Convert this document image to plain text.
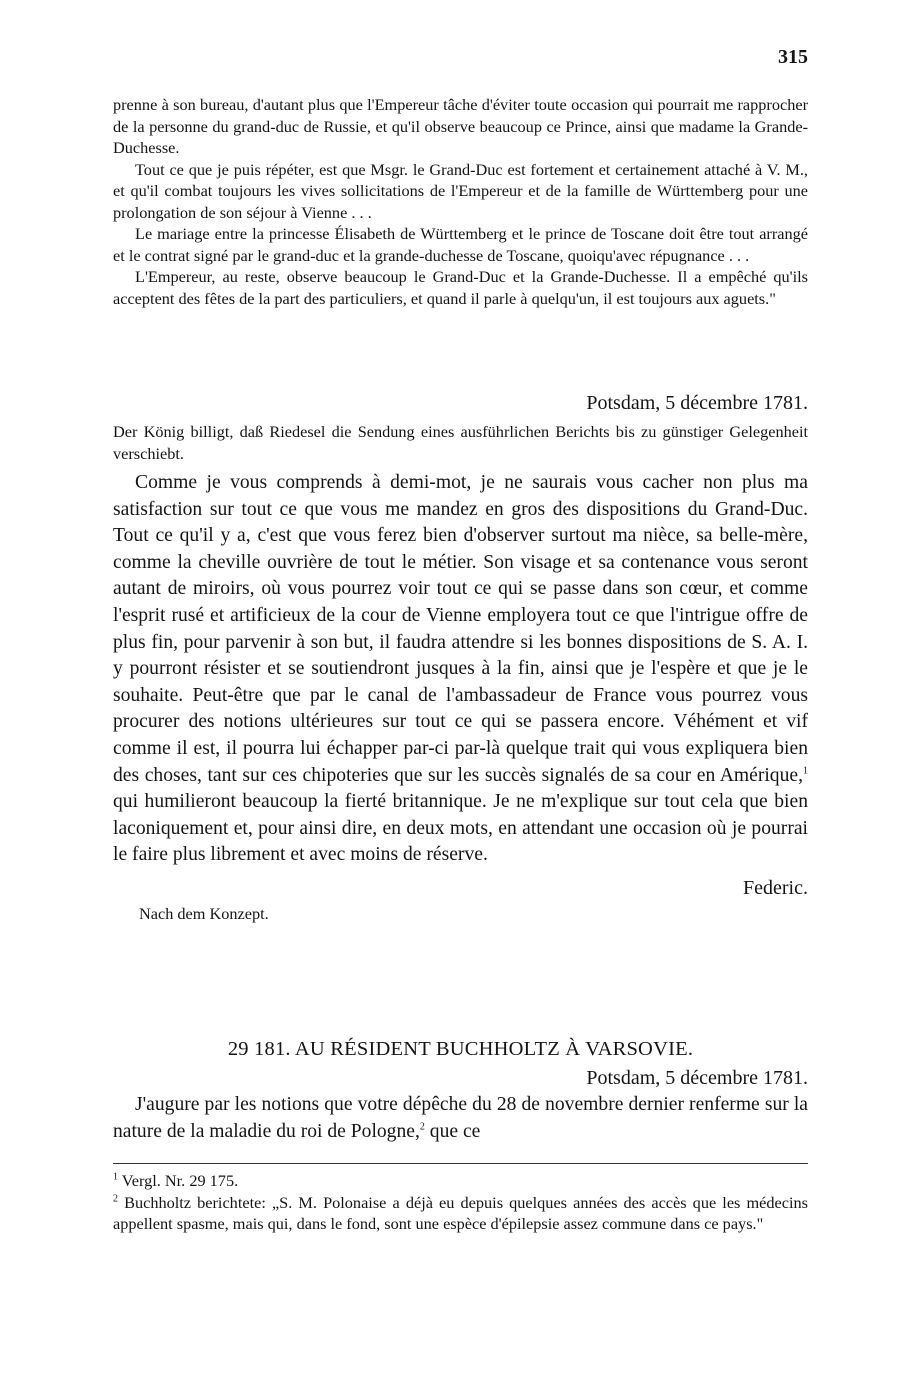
315

prenne à son bureau, d'autant plus que l'Empereur tâche d'éviter toute occasion qui pourrait me rapprocher de la personne du grand-duc de Russie, et qu'il observe beaucoup ce Prince, ainsi que madame la Grande-Duchesse.

Tout ce que je puis répéter, est que Msgr. le Grand-Duc est fortement et certainement attaché à V. M., et qu'il combat toujours les vives sollicitations de l'Empereur et de la famille de Württemberg pour une prolongation de son séjour à Vienne . . .

Le mariage entre la princesse Élisabeth de Württemberg et le prince de Toscane doit être tout arrangé et le contrat signé par le grand-duc et la grande-duchesse de Toscane, quoiqu'avec répugnance . . .

L'Empereur, au reste, observe beaucoup le Grand-Duc et la Grande-Duchesse. Il a empêché qu'ils acceptent des fêtes de la part des particuliers, et quand il parle à quelqu'un, il est toujours aux aguets."

Potsdam, 5 décembre 1781.

Der König billigt, daß Riedesel die Sendung eines ausführlichen Berichts bis zu günstiger Gelegenheit verschiebt.

Comme je vous comprends à demi-mot, je ne saurais vous cacher non plus ma satisfaction sur tout ce que vous me mandez en gros des dispositions du Grand-Duc. Tout ce qu'il y a, c'est que vous ferez bien d'observer surtout ma nièce, sa belle-mère, comme la cheville ouvrière de tout le métier. Son visage et sa contenance vous seront autant de miroirs, où vous pourrez voir tout ce qui se passe dans son cœur, et comme l'esprit rusé et artificieux de la cour de Vienne employera tout ce que l'intrigue offre de plus fin, pour parvenir à son but, il faudra attendre si les bonnes dispositions de S. A. I. y pourront résister et se soutiendront jusques à la fin, ainsi que je l'espère et que je le souhaite. Peut-être que par le canal de l'ambassadeur de France vous pourrez vous procurer des notions ultérieures sur tout ce qui se passera encore. Véhément et vif comme il est, il pourra lui échapper par-ci par-là quelque trait qui vous expliquera bien des choses, tant sur ces chipoteries que sur les succès signalés de sa cour en Amérique,$^1$ qui humilieront beaucoup la fierté britannique. Je ne m'explique sur tout cela que bien laconiquement et, pour ainsi dire, en deux mots, en attendant une occasion où je pourrai le faire plus librement et avec moins de réserve.

Federic.

Nach dem Konzept.

29 181. AU RÉSIDENT BUCHHOLTZ À VARSOVIE.

Potsdam, 5 décembre 1781.

J'augure par les notions que votre dépêche du 28 de novembre dernier renferme sur la nature de la maladie du roi de Pologne,$^2$ que ce

$^1$ Vergl. Nr. 29 175.

$^2$ Buchholtz berichtete: „S. M. Polonaise a déjà eu depuis quelques années des accès que les médecins appellent spasme, mais qui, dans le fond, sont une espèce d'épilepsie assez commune dans ce pays."
